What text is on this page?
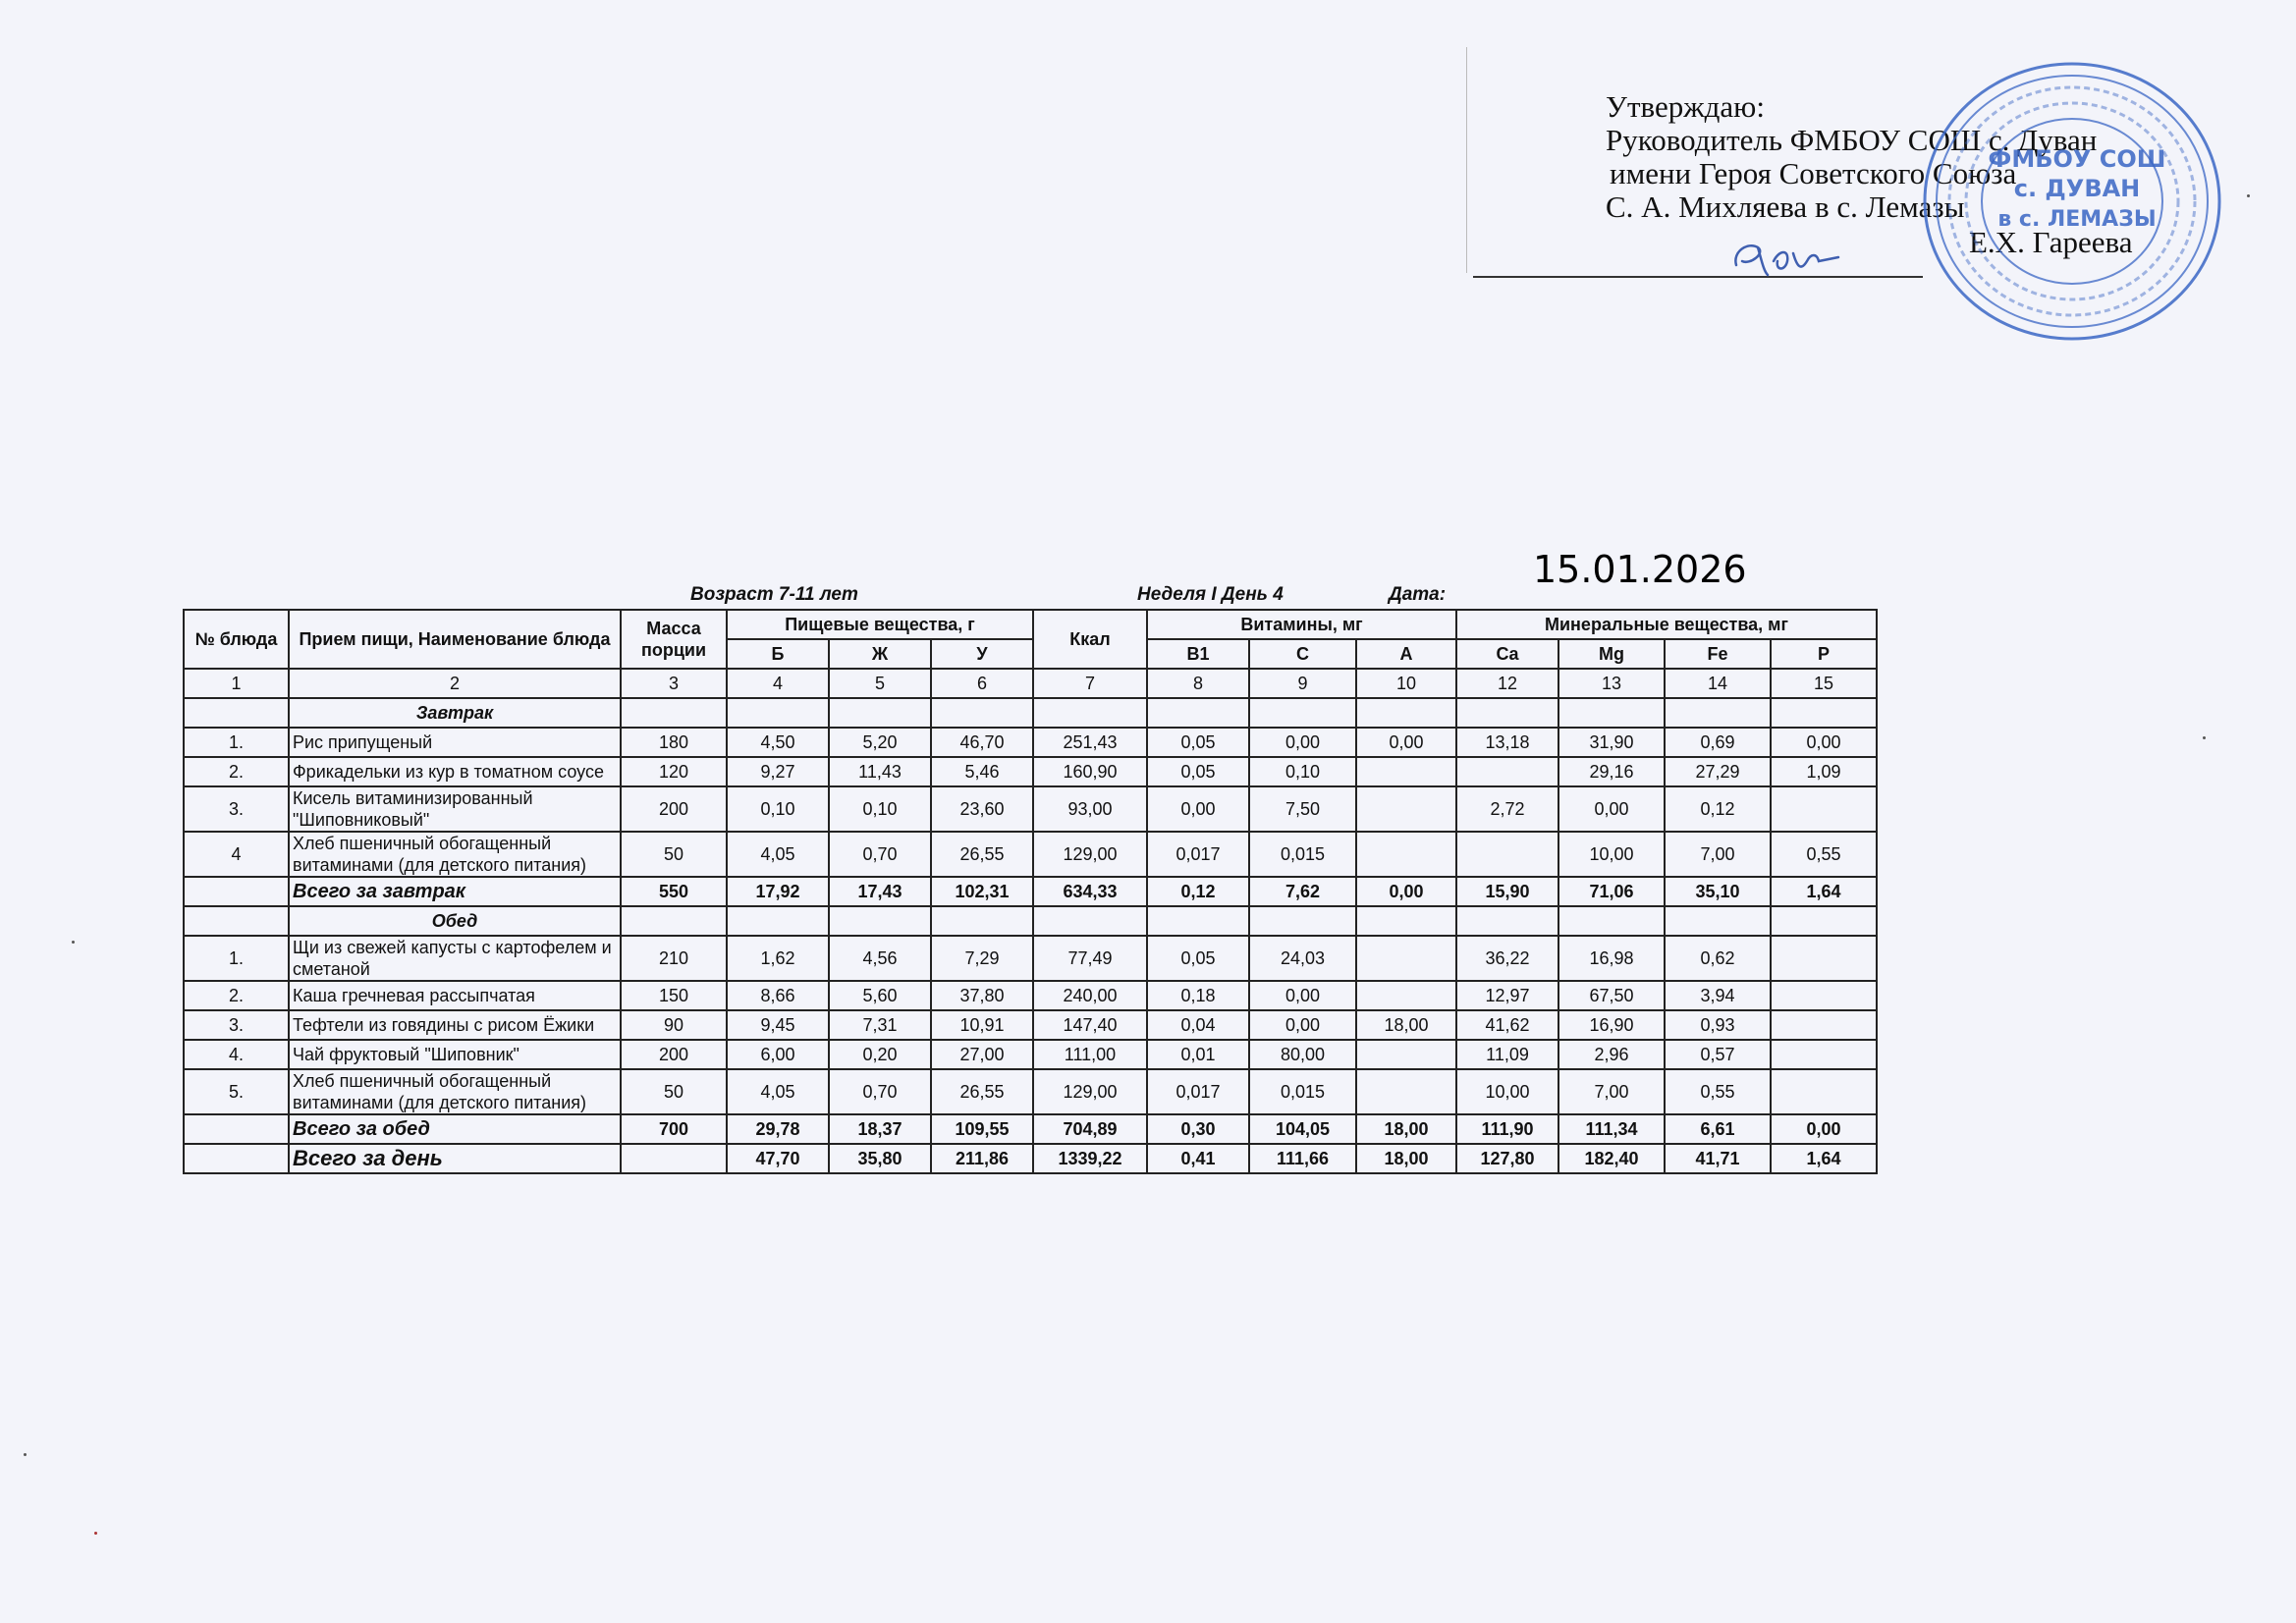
Утверждаю:
Руководитель ФМБОУ СОШ с. Дуван
имени Героя Советского Союза
С. А. Михляева в с. Лемазы
Е.Х. Гареева
ФМБОУ СОШ
с. ДУВАН
в с. ЛЕМАЗЫ
15.01.2026
Возраст 7-11 лет	Неделя I День 4	Дата:
№ блюда	Прием пищи, Наименование блюда	Масса порции	Пищевые вещества, г			Ккал	Витамины, мг			Минеральные вещества, мг				
			Б	Ж	У		В1	С	А	Ca	Mg	Fe	P	
1	2	3	4	5	6	7	8	9	10	12	13	14	15	
	Завтрак													
1.	Рис припущеный	180	4,50	5,20	46,70	251,43	0,05	0,00	0,00	13,18	31,90	0,69	0,00	
2.	Фрикадельки из кур в томатном соусе	120	9,27	11,43	5,46	160,90	0,05	0,10			29,16	27,29	1,09	
3.	Кисель витаминизированный "Шиповниковый"	200	0,10	0,10	23,60	93,00	0,00	7,50		2,72	0,00	0,12		
4	Хлеб пшеничный обогащенный витаминами (для детского питания)	50	4,05	0,70	26,55	129,00	0,017	0,015			10,00	7,00	0,55	
	Всего за завтрак	550	17,92	17,43	102,31	634,33	0,12	7,62	0,00	15,90	71,06	35,10	1,64	
	Обед													
1.	Щи из свежей капусты с картофелем и сметаной	210	1,62	4,56	7,29	77,49	0,05	24,03		36,22	16,98	0,62		
2.	Каша гречневая рассыпчатая	150	8,66	5,60	37,80	240,00	0,18	0,00		12,97	67,50	3,94		
3.	Тефтели из говядины с рисом Ёжики	90	9,45	7,31	10,91	147,40	0,04	0,00	18,00	41,62	16,90	0,93		
4.	Чай фруктовый "Шиповник"	200	6,00	0,20	27,00	111,00	0,01	80,00		11,09	2,96	0,57		
5.	Хлеб пшеничный обогащенный витаминами (для детского питания)	50	4,05	0,70	26,55	129,00	0,017	0,015		10,00	7,00	0,55		
	Всего за обед	700	29,78	18,37	109,55	704,89	0,30	104,05	18,00	111,90	111,34	6,61	0,00	
	Всего за день		47,70	35,80	211,86	1339,22	0,41	111,66	18,00	127,80	182,40	41,71	1,64	
